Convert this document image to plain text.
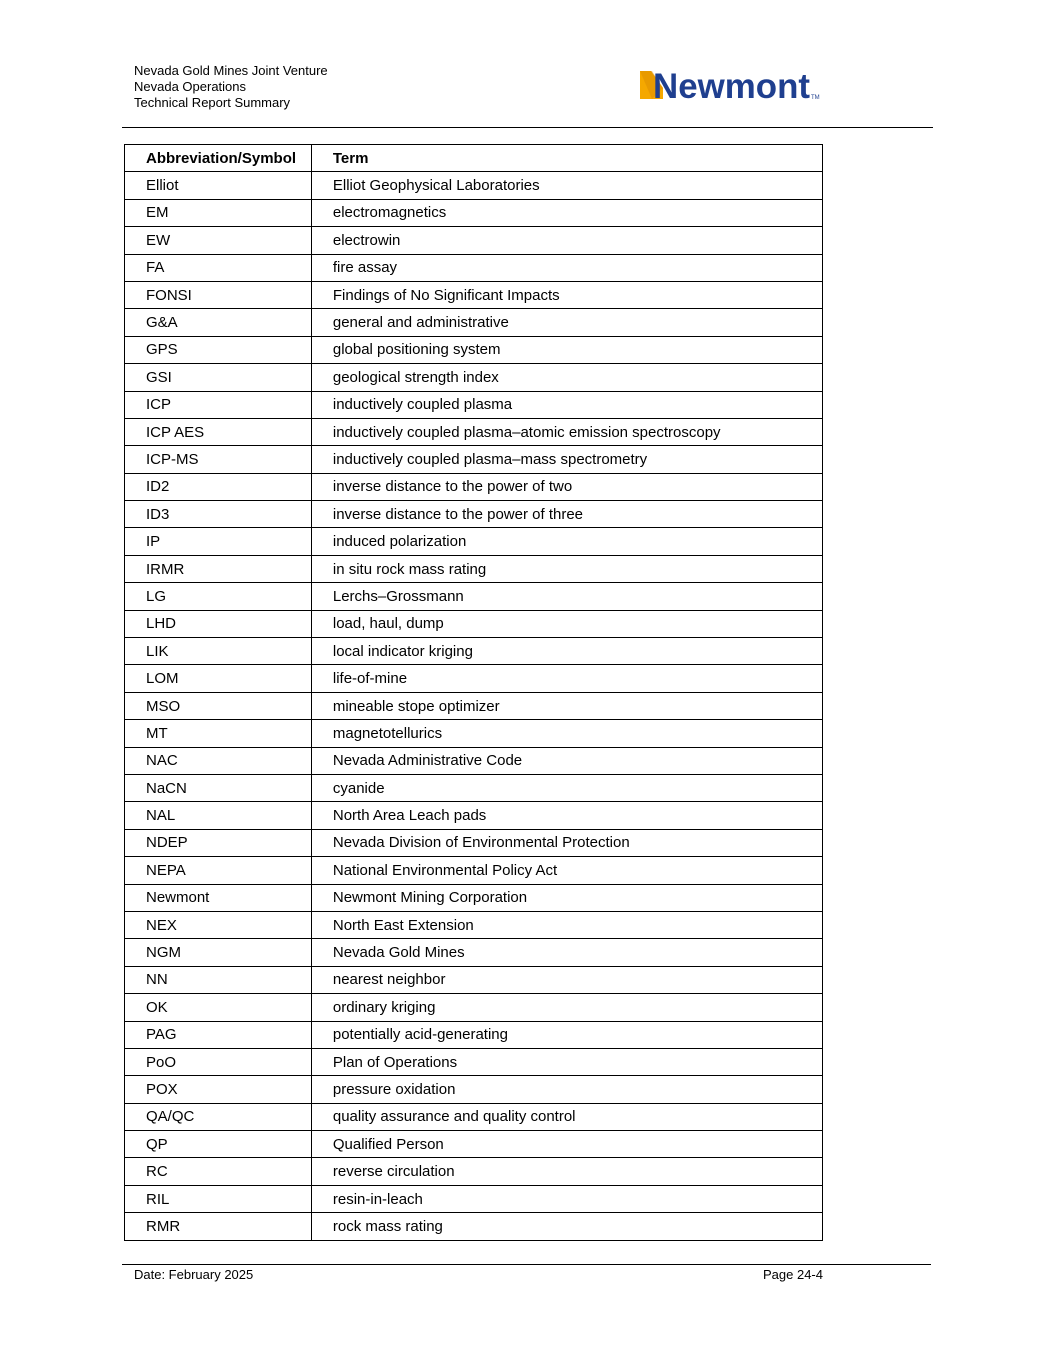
Nevada Gold Mines Joint Venture
Nevada Operations
Technical Report Summary	Newmont TM
Abbreviation/Symbol	Term
Elliot	Elliot Geophysical Laboratories
EM	electromagnetics
EW	electrowin
FA	fire assay
FONSI	Findings of No Significant Impacts
G&A	general and administrative
GPS	global positioning system
GSI	geological strength index
ICP	inductively coupled plasma
ICP AES	inductively coupled plasma–atomic emission spectroscopy
ICP-MS	inductively coupled plasma–mass spectrometry
ID2	inverse distance to the power of two
ID3	inverse distance to the power of three
IP	induced polarization
IRMR	in situ rock mass rating
LG	Lerchs–Grossmann
LHD	load, haul, dump
LIK	local indicator kriging
LOM	life-of-mine
MSO	mineable stope optimizer
MT	magnetotellurics
NAC	Nevada Administrative Code
NaCN	cyanide
NAL	North Area Leach pads
NDEP	Nevada Division of Environmental Protection
NEPA	National Environmental Policy Act
Newmont	Newmont Mining Corporation
NEX	North East Extension
NGM	Nevada Gold Mines
NN	nearest neighbor
OK	ordinary kriging
PAG	potentially acid-generating
PoO	Plan of Operations
POX	pressure oxidation
QA/QC	quality assurance and quality control
QP	Qualified Person
RC	reverse circulation
RIL	resin-in-leach
RMR	rock mass rating
Date: February 2025	Page 24-4
